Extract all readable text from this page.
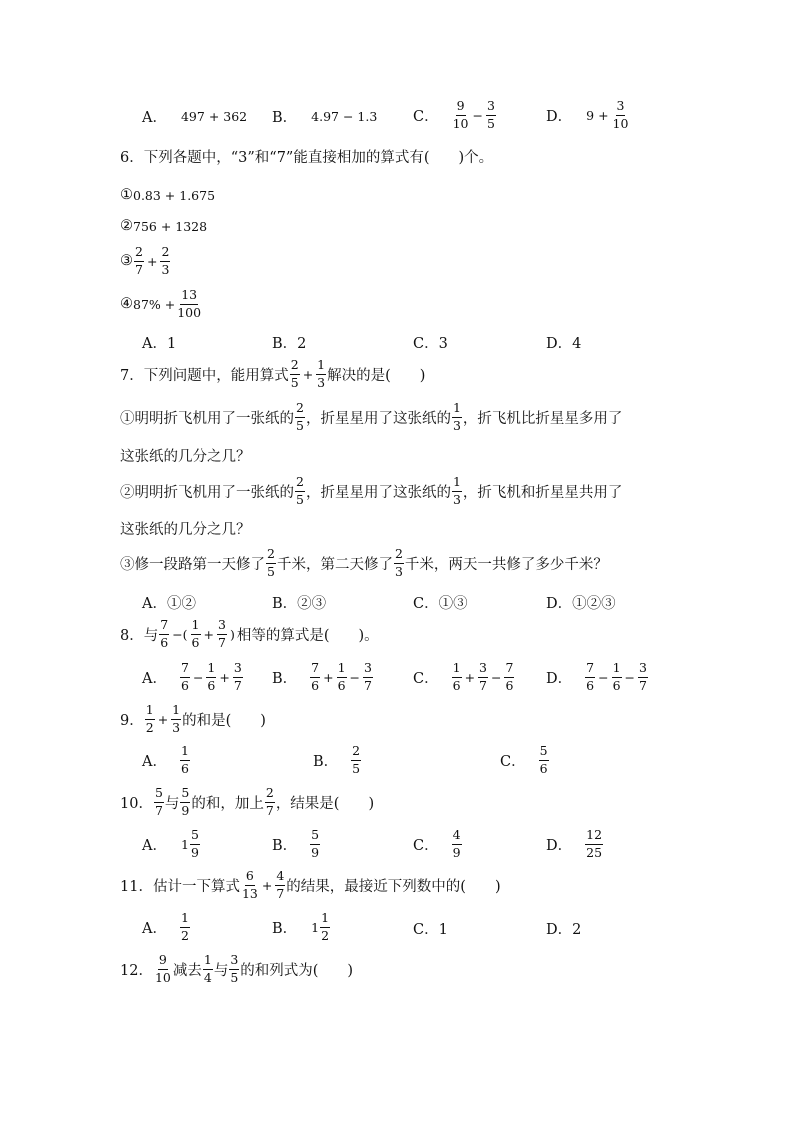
A． 497 + 362 B． 4.97 − 1.3 C． $\frac{9}{10} - \frac{3}{5}$	D． $9 + \frac{3}{10}$
6．下列各题中，“3”和“7”能直接相加的算式有(　　)个。
① 0.83 + 1.675
② 756 + 1328
③ $\frac{2}{7} + \frac{2}{3}$
④ $87\% + \frac{13}{100}$
A．1	B．2	C．3	D．4
7．下列问题中，能用算式 $\frac{2}{5} + \frac{1}{3}$ 解决的是(　　)
①明明折飞机用了一张纸的 $\frac{2}{5}$ ，折星星用了这张纸的 $\frac{1}{3}$ ，折飞机比折星星多用了
这张纸的几分之几？
②明明折飞机用了一张纸的 $\frac{2}{5}$ ，折星星用了这张纸的 $\frac{1}{3}$ ，折飞机和折星星共用了
这张纸的几分之几？
③修一段路第一天修了 $\frac{2}{5}$ 千米，第二天修了 $\frac{2}{3}$ 千米，两天一共修了多少千米？
A．①②	B．②③	C．①③	D．①②③
8．与 $\frac{7}{6}$ −( $\frac{1}{6} + \frac{3}{7}$ ) 相等的算式是(　　)。
A． $\frac{7}{6} - \frac{1}{6} + \frac{3}{7}$ B． $\frac{7}{6} + \frac{1}{6} - \frac{3}{7}$	C． $\frac{1}{6} + \frac{3}{7} - \frac{7}{6}$ D． $\frac{7}{6} - \frac{1}{6} - \frac{3}{7}$
9． $\frac{1}{2} + \frac{1}{3}$ 的和是(　　)
A． $\frac{1}{6}$	B． $\frac{2}{5}$	C． $\frac{5}{6}$
10． $\frac{5}{7}$ 与 $\frac{5}{9}$ 的和，加上 $\frac{2}{7}$ ，结果是(　　)
A． $1 \frac{5}{9}$	B． $\frac{5}{9}$	C． $\frac{4}{9}$	D． $\frac{12}{25}$
11．估计一下算式 $\frac{6}{13} + \frac{4}{7}$ 的结果，最接近下列数中的(　　)
A． $\frac{1}{2}$	B． $1 \frac{1}{2}$	C．1	D．2
12． $\frac{9}{10}$ 减去 $\frac{1}{4}$ 与 $\frac{3}{5}$ 的和列式为(　　)
